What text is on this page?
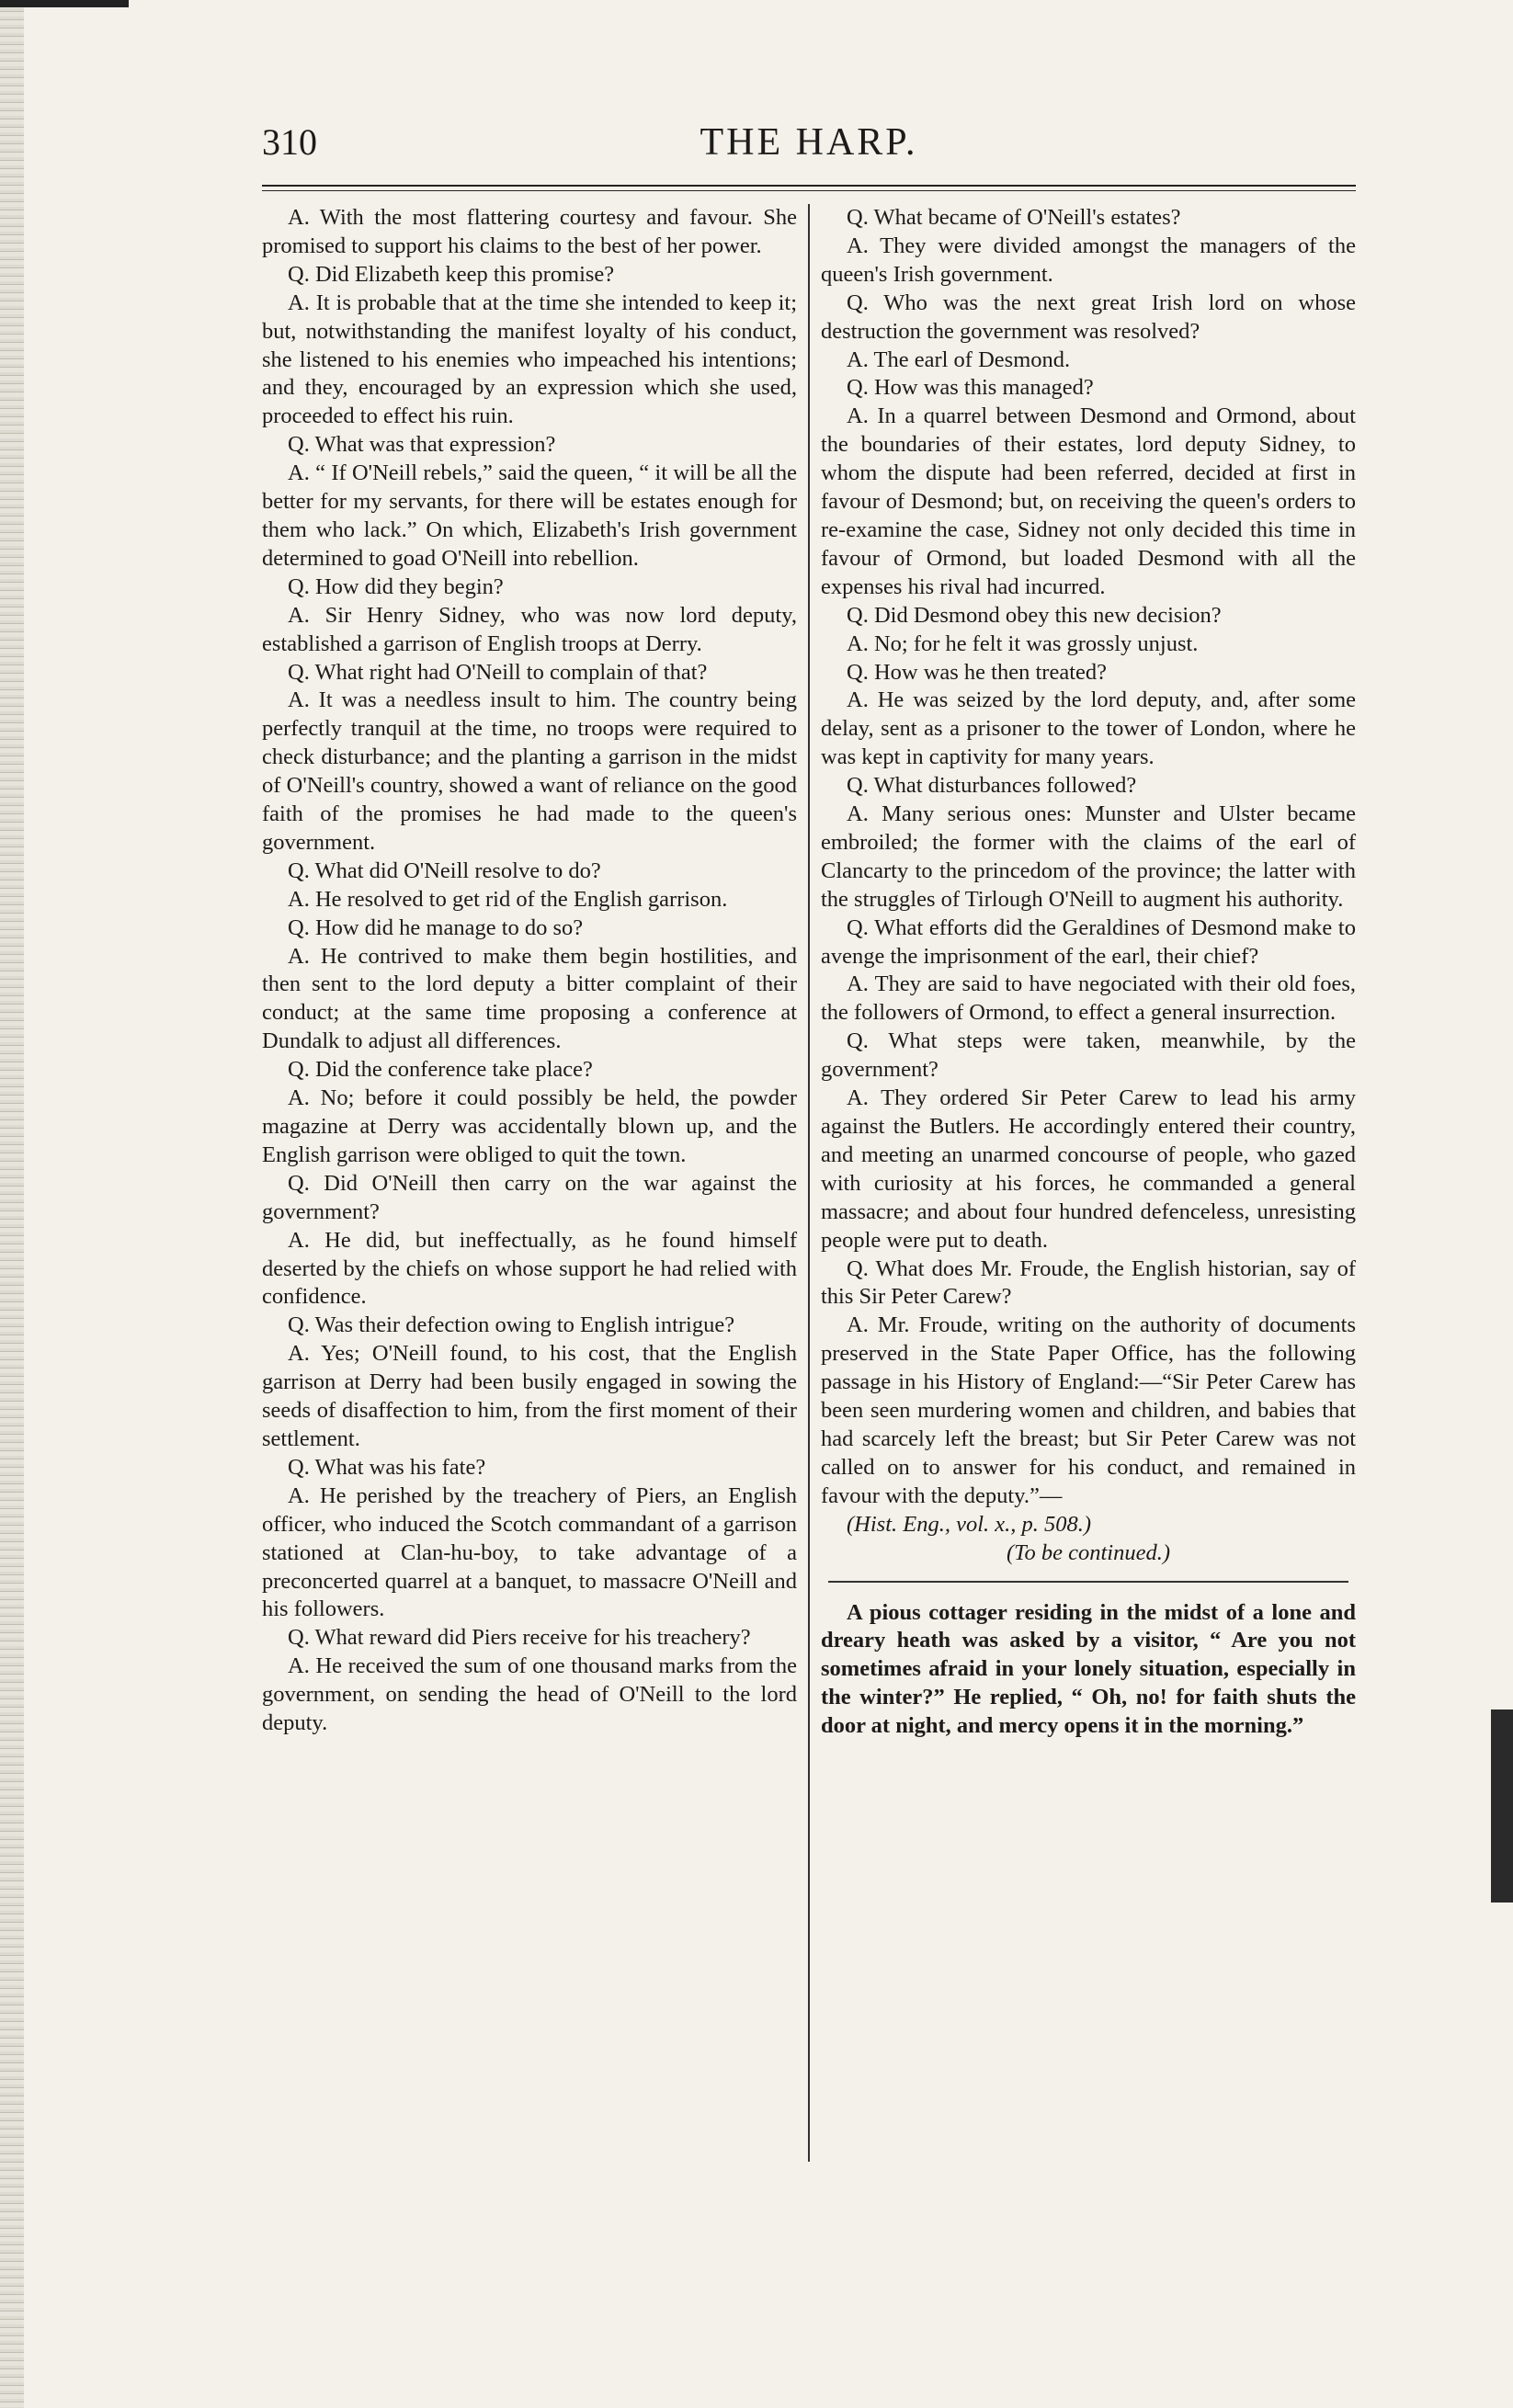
310	THE HARP.

A. With the most flattering courtesy and favour. She promised to support his claims to the best of her power.

Q. Did Elizabeth keep this promise?

A. It is probable that at the time she intended to keep it; but, notwithstanding the manifest loyalty of his conduct, she listened to his enemies who impeached his intentions; and they, encouraged by an expression which she used, proceeded to effect his ruin.

Q. What was that expression?

A. “ If O'Neill rebels,” said the queen, “ it will be all the better for my servants, for there will be estates enough for them who lack.” On which, Elizabeth's Irish government determined to goad O'Neill into rebellion.

Q. How did they begin?

A. Sir Henry Sidney, who was now lord deputy, established a garrison of English troops at Derry.

Q. What right had O'Neill to complain of that?

A. It was a needless insult to him. The country being perfectly tranquil at the time, no troops were required to check disturbance; and the planting a garrison in the midst of O'Neill's country, showed a want of reliance on the good faith of the promises he had made to the queen's government.

Q. What did O'Neill resolve to do?

A. He resolved to get rid of the English garrison.

Q. How did he manage to do so?

A. He contrived to make them begin hostilities, and then sent to the lord deputy a bitter complaint of their conduct; at the same time proposing a conference at Dundalk to adjust all differences.

Q. Did the conference take place?

A. No; before it could possibly be held, the powder magazine at Derry was accidentally blown up, and the English garrison were obliged to quit the town.

Q. Did O'Neill then carry on the war against the government?

A. He did, but ineffectually, as he found himself deserted by the chiefs on whose support he had relied with confidence.

Q. Was their defection owing to English intrigue?

A. Yes; O'Neill found, to his cost, that the English garrison at Derry had been busily engaged in sowing the seeds of disaffection to him, from the first moment of their settlement.

Q. What was his fate?

A. He perished by the treachery of Piers, an English officer, who induced the Scotch commandant of a garrison stationed at Clan-hu-boy, to take advantage of a preconcerted quarrel at a banquet, to massacre O'Neill and his followers.

Q. What reward did Piers receive for his treachery?

A. He received the sum of one thousand marks from the government, on sending the head of O'Neill to the lord deputy.

Q. What became of O'Neill's estates?

A. They were divided amongst the managers of the queen's Irish government.

Q. Who was the next great Irish lord on whose destruction the government was resolved?

A. The earl of Desmond.

Q. How was this managed?

A. In a quarrel between Desmond and Ormond, about the boundaries of their estates, lord deputy Sidney, to whom the dispute had been referred, decided at first in favour of Desmond; but, on receiving the queen's orders to re-examine the case, Sidney not only decided this time in favour of Ormond, but loaded Desmond with all the expenses his rival had incurred.

Q. Did Desmond obey this new decision?

A. No; for he felt it was grossly unjust.

Q. How was he then treated?

A. He was seized by the lord deputy, and, after some delay, sent as a prisoner to the tower of London, where he was kept in captivity for many years.

Q. What disturbances followed?

A. Many serious ones: Munster and Ulster became embroiled; the former with the claims of the earl of Clancarty to the princedom of the province; the latter with the struggles of Tirlough O'Neill to augment his authority.

Q. What efforts did the Geraldines of Desmond make to avenge the imprisonment of the earl, their chief?

A. They are said to have negociated with their old foes, the followers of Ormond, to effect a general insurrection.

Q. What steps were taken, meanwhile, by the government?

A. They ordered Sir Peter Carew to lead his army against the Butlers. He accordingly entered their country, and meeting an unarmed concourse of people, who gazed with curiosity at his forces, he commanded a general massacre; and about four hundred defenceless, unresisting people were put to death.

Q. What does Mr. Froude, the English historian, say of this Sir Peter Carew?

A. Mr. Froude, writing on the authority of documents preserved in the State Paper Office, has the following passage in his History of England:—“Sir Peter Carew has been seen murdering women and children, and babies that had scarcely left the breast; but Sir Peter Carew was not called on to answer for his conduct, and remained in favour with the deputy.”—

(Hist. Eng., vol. x., p. 508.)

(To be continued.)

A pious cottager residing in the midst of a lone and dreary heath was asked by a visitor, “ Are you not sometimes afraid in your lonely situation, especially in the winter?” He replied, “ Oh, no! for faith shuts the door at night, and mercy opens it in the morning.”
